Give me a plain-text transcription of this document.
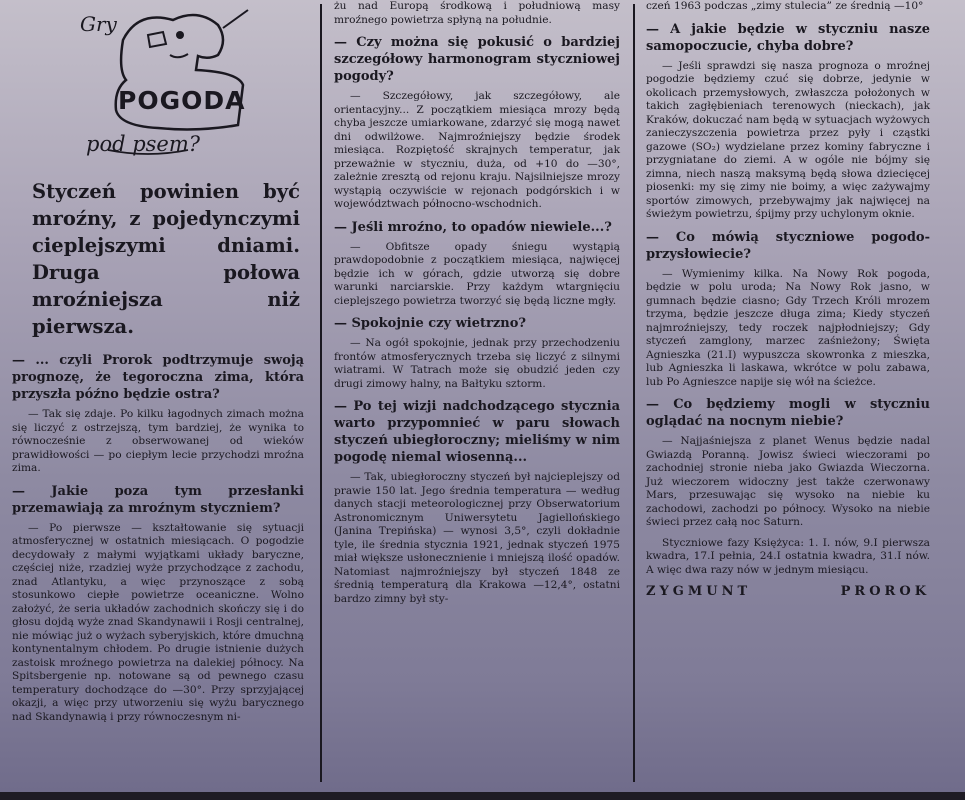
Gry
POGODA
pod psem?
Styczeń powinien być mroźny, z pojedynczymi cieplejszymi dniami. Druga połowa mroźniejsza niż pierwsza.

— ... czyli Prorok podtrzymuje swoją prognozę, że tegoroczna zima, która przyszła późno będzie ostra?

— Tak się zdaje. Po kilku łagodnych zimach można się liczyć z ostrzejszą, tym bardziej, że wynika to równocześnie z obserwowanej od wieków prawidłowości — po ciepłym lecie przychodzi mroźna zima.

— Jakie poza tym przesłanki przemawiają za mroźnym styczniem?

— Po pierwsze — kształtowanie się sytuacji atmosferycznej w ostatnich miesiącach. O pogodzie decydowały z małymi wyjątkami układy baryczne, częściej niże, rzadziej wyże przychodzące z zachodu, znad Atlantyku, a więc przynoszące z sobą stosunkowo ciepłe powietrze oceaniczne. Wolno założyć, że seria układów zachodnich skończy się i do głosu dojdą wyże znad Skandynawii i Rosji centralnej, nie mówiąc już o wyżach syberyjskich, które dmuchną kontynentalnym chłodem. Po drugie istnienie dużych zastoisk mroźnego powietrza na dalekiej północy. Na Spitsbergenie np. notowane są od pewnego czasu temperatury dochodzące do —30°. Przy sprzyjającej okazji, a więc przy utworzeniu się wyżu barycznego nad Skandynawią i przy równoczesnym ni-

żu nad Europą środkową i południową masy mroźnego powietrza spłyną na południe.

— Czy można się pokusić o bardziej szczegółowy harmonogram styczniowej pogody?

— Szczegółowy, jak szczegółowy, ale orientacyjny... Z początkiem miesiąca mrozy będą chyba jeszcze umiarkowane, zdarzyć się mogą nawet dni odwilżowe. Najmroźniejszy będzie środek miesiąca. Rozpiętość skrajnych temperatur, jak przeważnie w styczniu, duża, od +10 do —30°, zależnie zresztą od rejonu kraju. Najsilniejsze mrozy wystąpią oczywiście w rejonach podgórskich i w województwach północno-wschodnich.

— Jeśli mroźno, to opadów niewiele...?

— Obfitsze opady śniegu wystąpią prawdopodobnie z początkiem miesiąca, najwięcej będzie ich w górach, gdzie utworzą się dobre warunki narciarskie. Przy każdym wtargnięciu cieplejszego powietrza tworzyć się będą liczne mgły.

— Spokojnie czy wietrzno?

— Na ogół spokojnie, jednak przy przechodzeniu frontów atmosferycznych trzeba się liczyć z silnymi wiatrami. W Tatrach może się obudzić jeden czy drugi zimowy halny, na Bałtyku sztorm.

— Po tej wizji nadchodzącego stycznia warto przypomnieć w paru słowach styczeń ubiegłoroczny; mieliśmy w nim pogodę niemal wiosenną...

— Tak, ubiegłoroczny styczeń był najcieplejszy od prawie 150 lat. Jego średnia temperatura — według danych stacji meteorologicznej przy Obserwatorium Astronomicznym Uniwersytetu Jagiellońskiego (Janina Trepińska) — wynosi 3,5°, czyli dokładnie tyle, ile średnia stycznia 1921, jednak styczeń 1975 miał większe usłonecznienie i mniejszą ilość opadów. Natomiast najmroźniejszy był styczeń 1848 ze średnią temperaturą dla Krakowa —12,4°, ostatni bardzo zimny był sty-

czeń 1963 podczas „zimy stulecia” ze średnią —10°

— A jakie będzie w styczniu nasze samopoczucie, chyba dobre?

— Jeśli sprawdzi się nasza prognoza o mroźnej pogodzie będziemy czuć się dobrze, jedynie w okolicach przemysłowych, zwłaszcza położonych w takich zagłębieniach terenowych (nieckach), jak Kraków, dokuczać nam będą w sytuacjach wyżowych zanieczyszczenia powietrza przez pyły i cząstki gazowe (SO₂) wydzielane przez kominy fabryczne i przygniatane do ziemi. A w ogóle nie bójmy się zimna, niech naszą maksymą będą słowa dziecięcej piosenki: my się zimy nie boimy, a więc zażywajmy sportów zimowych, przebywajmy jak najwięcej na świeżym powietrzu, śpijmy przy uchylonym oknie.

— Co mówią styczniowe pogodo-przysłowiecie?

— Wymienimy kilka. Na Nowy Rok pogoda, będzie w polu uroda; Na Nowy Rok jasno, w gumnach będzie ciasno; Gdy Trzech Króli mrozem trzyma, będzie jeszcze długa zima; Kiedy styczeń najmroźniejszy, tedy roczek najpłodniejszy; Gdy styczeń zamglony, marzec zaśnieżony; Święta Agnieszka (21.I) wypuszcza skowronka z mieszka, lub Agnieszka li laskawa, wkrótce w polu zabawa, lub Po Agnieszce napije się wół na ścieżce.

— Co będziemy mogli w styczniu oglądać na nocnym niebie?

— Najjaśniejsza z planet Wenus będzie nadal Gwiazdą Poranną. Jowisz świeci wieczorami po zachodniej stronie nieba jako Gwiazda Wieczorna. Już wieczorem widoczny jest także czerwonawy Mars, przesuwając się wysoko na niebie ku zachodowi, zachodzi po północy. Wysoko na niebie świeci przez całą noc Saturn.

Styczniowe fazy Księżyca: 1. I. nów, 9.I pierwsza kwadra, 17.I pełnia, 24.I ostatnia kwadra, 31.I nów. A więc dwa razy nów w jednym miesiącu.

ZYGMUNT	PROROK
